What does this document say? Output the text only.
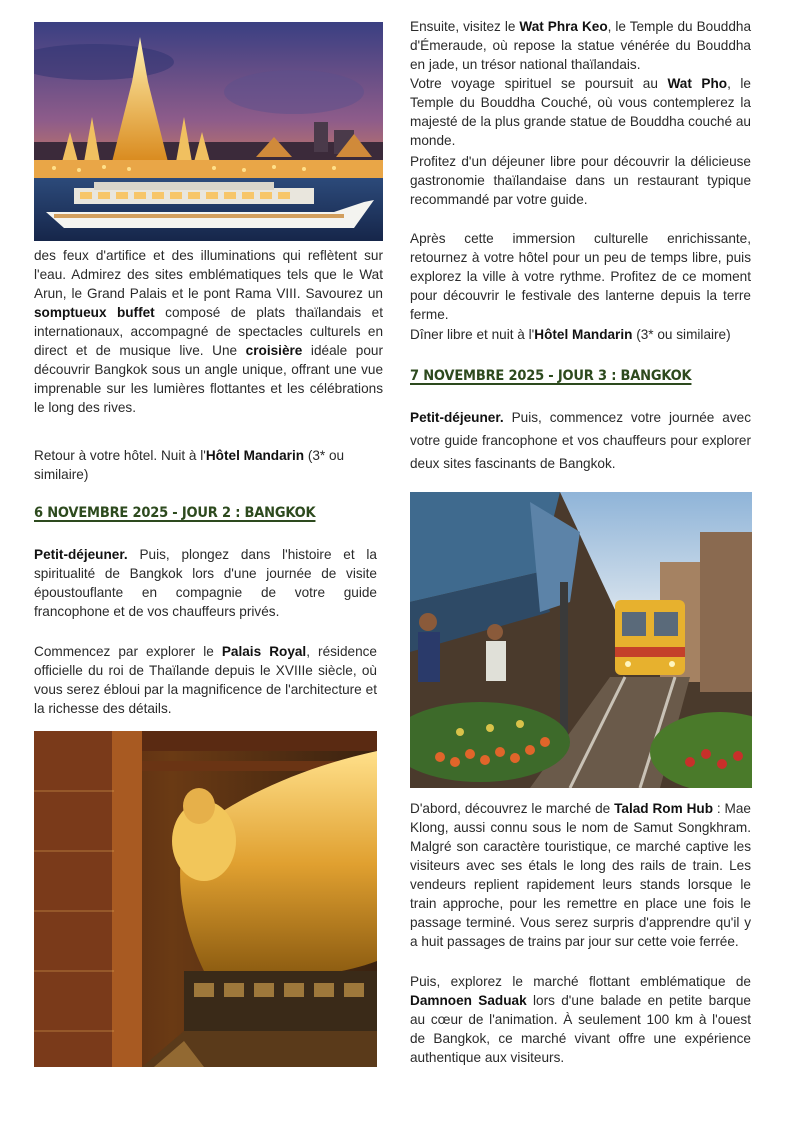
des feux d'artifice et des illuminations qui reflètent sur l'eau. Admirez des sites emblématiques tels que le Wat Arun, le Grand Palais et le pont Rama VIII. Savourez un somptueux buffet composé de plats thaïlandais et internationaux, accompagné de spectacles culturels en direct et de musique live. Une croisière idéale pour découvrir Bangkok sous un angle unique, offrant une vue imprenable sur les lumières flottantes et les célébrations le long des rives.

Retour à votre hôtel. Nuit à l'Hôtel Mandarin (3* ou similaire)

6 NOVEMBRE 2025 - JOUR 2 : BANGKOK

Petit-déjeuner. Puis, plongez dans l'histoire et la spiritualité de Bangkok lors d'une journée de visite époustouflante en compagnie de votre guide francophone et de vos chauffeurs privés.

Commencez par explorer le Palais Royal, résidence officielle du roi de Thaïlande depuis le XVIIIe siècle, où vous serez ébloui par la magnificence de l'architecture et la richesse des détails.

Ensuite, visitez le Wat Phra Keo, le Temple du Bouddha d'Émeraude, où repose la statue vénérée du Bouddha en jade, un trésor national thaïlandais.

Votre voyage spirituel se poursuit au Wat Pho, le Temple du Bouddha Couché, où vous contemplerez la majesté de la plus grande statue de Bouddha couché au monde.

Profitez d'un déjeuner libre pour découvrir la délicieuse gastronomie thaïlandaise dans un restaurant typique recommandé par votre guide.

Après cette immersion culturelle enrichissante, retournez à votre hôtel pour un peu de temps libre, puis explorez la ville à votre rythme. Profitez de ce moment pour découvrir le festivale des lanterne depuis la terre ferme.

Dîner libre et nuit à l'Hôtel Mandarin (3* ou similaire)

7 NOVEMBRE 2025 - JOUR 3 : BANGKOK

Petit-déjeuner. Puis, commencez votre journée avec votre guide francophone et vos chauffeurs pour explorer deux sites fascinants de Bangkok.

D'abord, découvrez le marché de Talad Rom Hub : Mae Klong, aussi connu sous le nom de Samut Songkhram. Malgré son caractère touristique, ce marché captive les visiteurs avec ses étals le long des rails de train. Les vendeurs replient rapidement leurs stands lorsque le train approche, pour les remettre en place une fois le passage terminé. Vous serez surpris d'apprendre qu'il y a huit passages de trains par jour sur cette voie ferrée.

Puis, explorez le marché flottant emblématique de Damnoen Saduak lors d'une balade en petite barque au cœur de l'animation. À seulement 100 km à l'ouest de Bangkok, ce marché vivant offre une expérience authentique aux visiteurs.
